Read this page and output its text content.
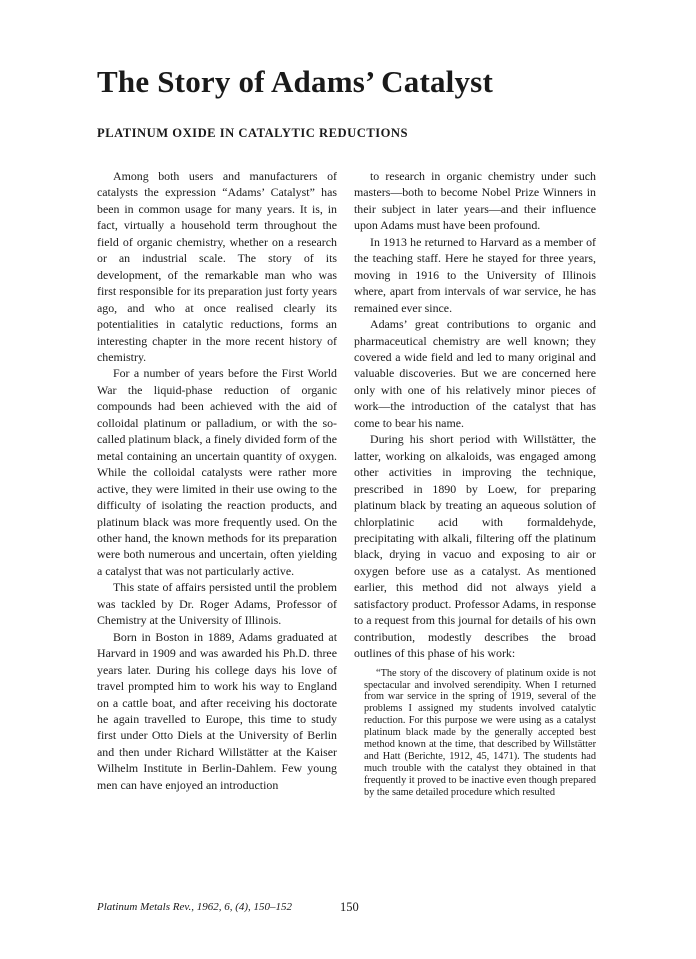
The Story of Adams’ Catalyst
PLATINUM OXIDE IN CATALYTIC REDUCTIONS

Among both users and manufacturers of catalysts the expression “Adams’ Catalyst” has been in common usage for many years. It is, in fact, virtually a household term throughout the field of organic chemistry, whether on a research or an industrial scale. The story of its development, of the remarkable man who was first responsible for its preparation just forty years ago, and who at once realised clearly its potentialities in catalytic reductions, forms an interesting chapter in the more recent history of chemistry.

For a number of years before the First World War the liquid-phase reduction of organic compounds had been achieved with the aid of colloidal platinum or palladium, or with the so-called platinum black, a finely divided form of the metal containing an uncertain quantity of oxygen. While the colloidal catalysts were rather more active, they were limited in their use owing to the difficulty of isolating the reaction products, and platinum black was more frequently used. On the other hand, the known methods for its preparation were both numerous and uncertain, often yielding a catalyst that was not particularly active.

This state of affairs persisted until the problem was tackled by Dr. Roger Adams, Professor of Chemistry at the University of Illinois.

Born in Boston in 1889, Adams graduated at Harvard in 1909 and was awarded his Ph.D. three years later. During his college days his love of travel prompted him to work his way to England on a cattle boat, and after receiving his doctorate he again travelled to Europe, this time to study first under Otto Diels at the University of Berlin and then under Richard Willstätter at the Kaiser Wilhelm Institute in Berlin-Dahlem. Few young men can have enjoyed an introduction

to research in organic chemistry under such masters—both to become Nobel Prize Winners in their subject in later years—and their influence upon Adams must have been profound.

In 1913 he returned to Harvard as a member of the teaching staff. Here he stayed for three years, moving in 1916 to the University of Illinois where, apart from intervals of war service, he has remained ever since.

Adams’ great contributions to organic and pharmaceutical chemistry are well known; they covered a wide field and led to many original and valuable discoveries. But we are concerned here only with one of his relatively minor pieces of work—the introduction of the catalyst that has come to bear his name.

During his short period with Willstätter, the latter, working on alkaloids, was engaged among other activities in improving the technique, prescribed in 1890 by Loew, for preparing platinum black by treating an aqueous solution of chlorplatinic acid with formaldehyde, precipitating with alkali, filtering off the platinum black, drying in vacuo and exposing to air or oxygen before use as a catalyst. As mentioned earlier, this method did not always yield a satisfactory product. Professor Adams, in response to a request from this journal for details of his own contribution, modestly describes the broad outlines of this phase of his work:

“The story of the discovery of platinum oxide is not spectacular and involved serendipity. When I returned from war service in the spring of 1919, several of the problems I assigned my students involved catalytic reduction. For this purpose we were using as a catalyst platinum black made by the generally accepted best method known at the time, that described by Willstätter and Hatt (Berichte, 1912, 45, 1471). The students had much trouble with the catalyst they obtained in that frequently it proved to be inactive even though prepared by the same detailed procedure which resulted

Platinum Metals Rev., 1962, 6, (4), 150–152	150
